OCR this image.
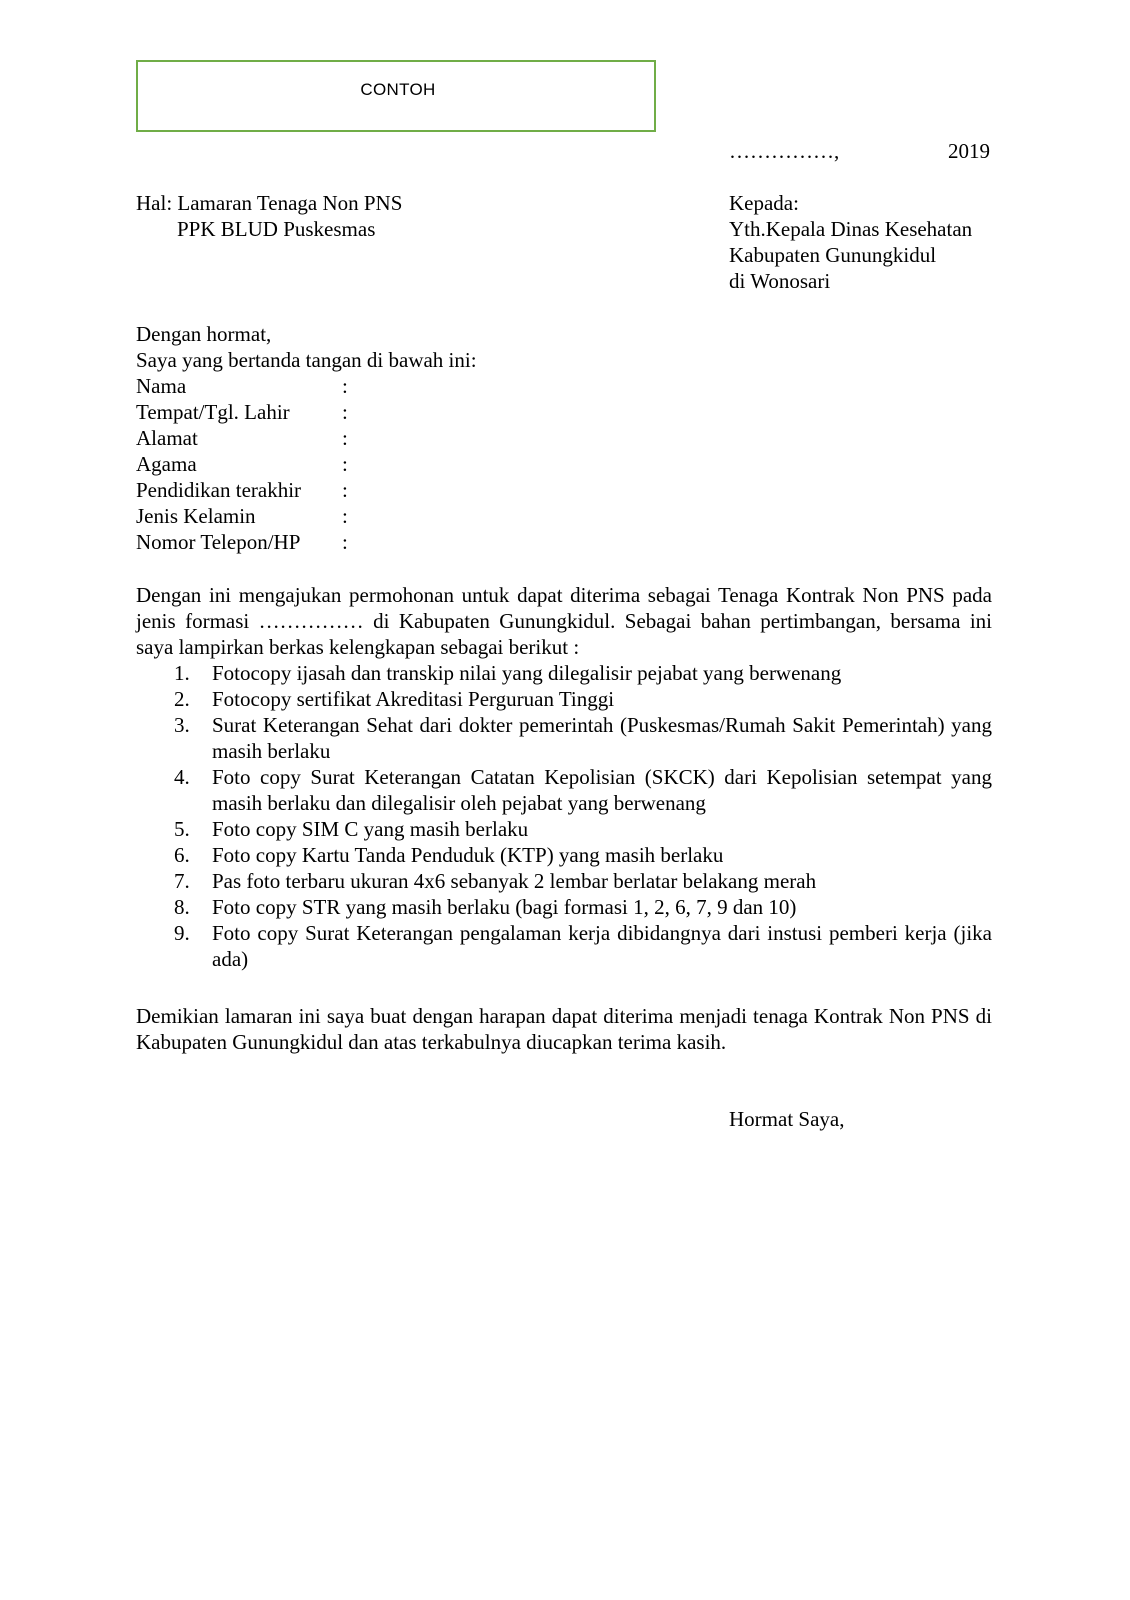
CONTOH
……………,	2019
Hal: Lamaran Tenaga Non PNS
PPK BLUD Puskesmas
Kepada:
Yth.Kepala Dinas Kesehatan
Kabupaten Gunungkidul
di Wonosari
Dengan hormat,
Saya yang bertanda tangan di bawah ini:
Nama	:
Tempat/Tgl. Lahir :
Alamat	:
Agama	:
Pendidikan terakhir :
Jenis Kelamin	:
Nomor Telepon/HP :
Dengan ini mengajukan permohonan untuk dapat diterima sebagai Tenaga Kontrak Non PNS pada jenis formasi …………… di Kabupaten Gunungkidul. Sebagai bahan pertimbangan, bersama ini saya lampirkan berkas kelengkapan sebagai berikut :
1. Fotocopy ijasah dan transkip nilai yang dilegalisir pejabat yang berwenang
2. Fotocopy sertifikat Akreditasi Perguruan Tinggi
3. Surat Keterangan Sehat dari dokter pemerintah (Puskesmas/Rumah Sakit Pemerintah) yang masih berlaku
4. Foto copy Surat Keterangan Catatan Kepolisian (SKCK) dari Kepolisian setempat yang masih berlaku dan dilegalisir oleh pejabat yang berwenang
5. Foto copy SIM C yang masih berlaku
6. Foto copy Kartu Tanda Penduduk (KTP) yang masih berlaku
7. Pas foto terbaru ukuran 4x6 sebanyak 2 lembar berlatar belakang merah
8. Foto copy STR yang masih berlaku (bagi formasi 1, 2, 6, 7, 9 dan 10)
9. Foto copy Surat Keterangan pengalaman kerja dibidangnya dari instusi pemberi kerja (jika ada)
Demikian lamaran ini saya buat dengan harapan dapat diterima menjadi tenaga Kontrak Non PNS di Kabupaten Gunungkidul dan atas terkabulnya diucapkan terima kasih.
Hormat Saya,
